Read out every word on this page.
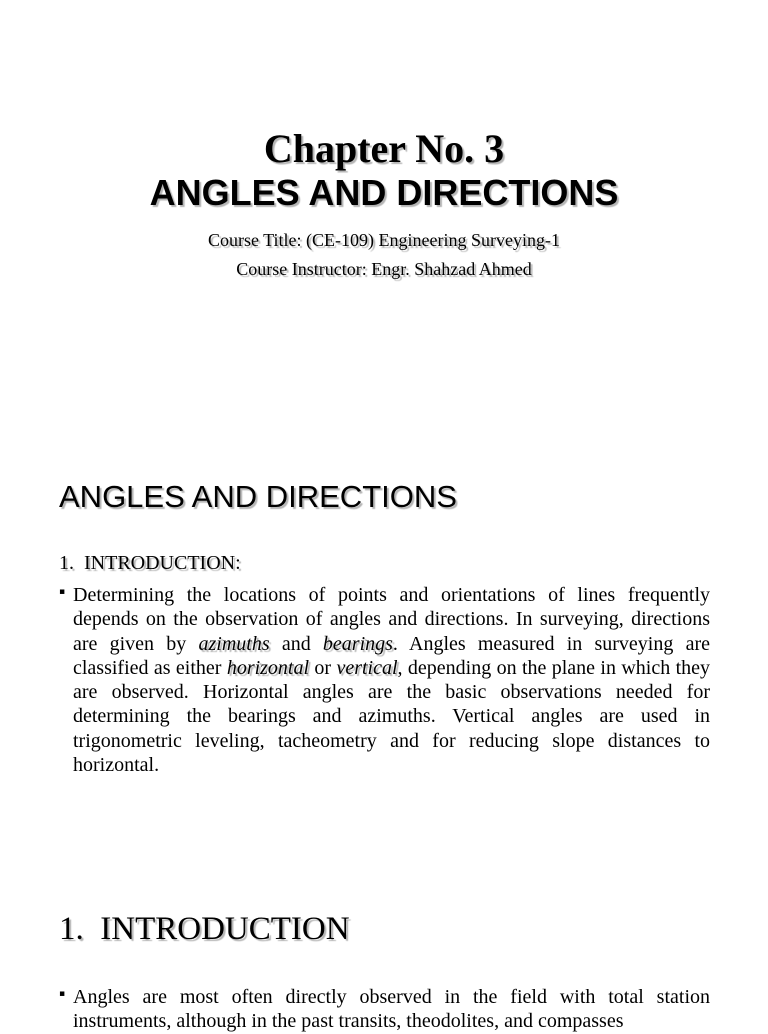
Chapter No. 3
ANGLES AND DIRECTIONS

Course Title: (CE-109) Engineering Surveying-1

Course Instructor: Engr. Shahzad Ahmed

ANGLES AND DIRECTIONS
1.  INTRODUCTION:

▪ Determining the locations of points and orientations of lines frequently depends on the observation of angles and directions. In surveying, directions are given by azimuths and bearings. Angles measured in surveying are classified as either horizontal or vertical, depending on the plane in which they are observed. Horizontal angles are the basic observations needed for determining the bearings and azimuths. Vertical angles are used in trigonometric leveling, tacheometry and for reducing slope distances to horizontal.

1.  INTRODUCTION

▪ Angles are most often directly observed in the field with total station instruments, although in the past transits, theodolites, and compasses
